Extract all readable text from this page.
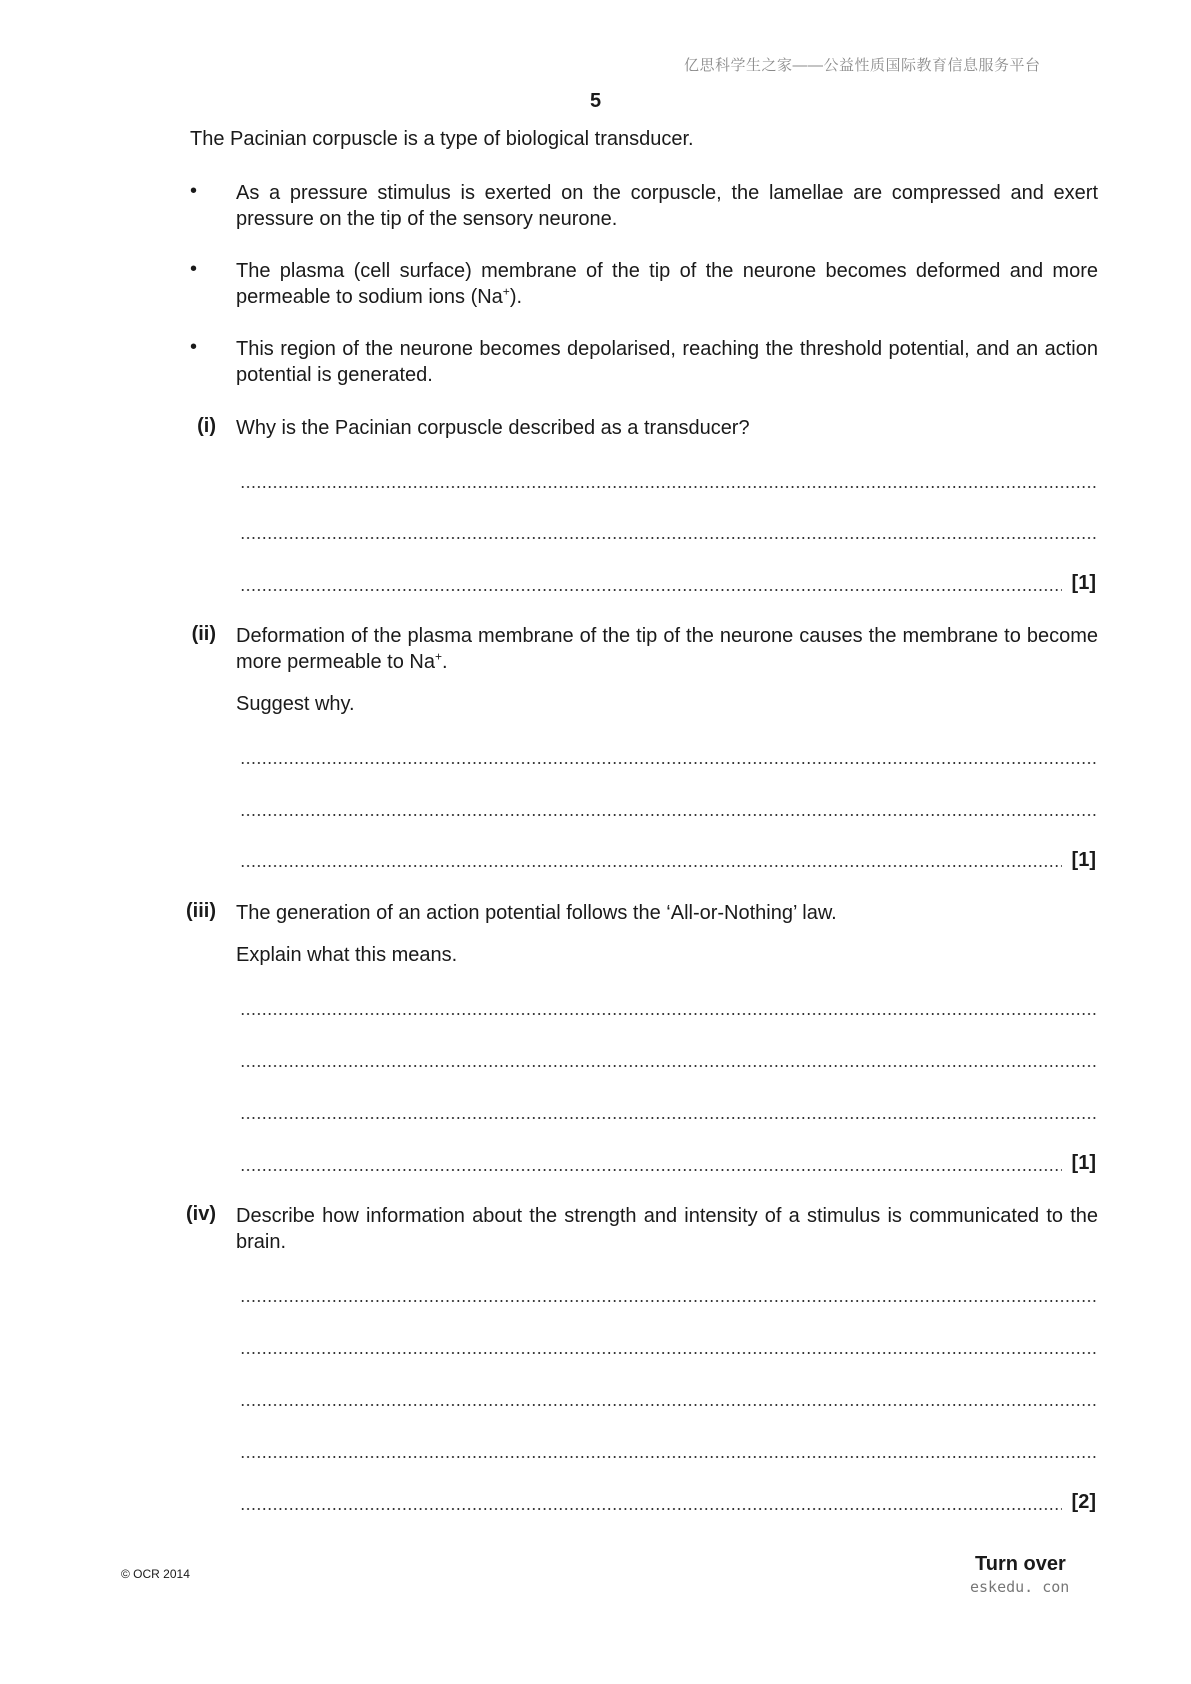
亿思科学生之家——公益性质国际教育信息服务平台
5
The Pacinian corpuscle is a type of biological transducer.
• As a pressure stimulus is exerted on the corpuscle, the lamellae are compressed and exert pressure on the tip of the sensory neurone.

• The plasma (cell surface) membrane of the tip of the neurone becomes deformed and more permeable to sodium ions (Na+).

• This region of the neurone becomes depolarised, reaching the threshold potential, and an action potential is generated.

(i) Why is the Pacinian corpuscle described as a transducer?

[1]
(ii) Deformation of the plasma membrane of the tip of the neurone causes the membrane to become more permeable to Na+.

Suggest why.

[1]
(iii) The generation of an action potential follows the ‘All-or-Nothing’ law.

Explain what this means.

[1]
(iv) Describe how information about the strength and intensity of a stimulus is communicated to the brain.

[2]
© OCR 2014	Turn over
eskedu. con
